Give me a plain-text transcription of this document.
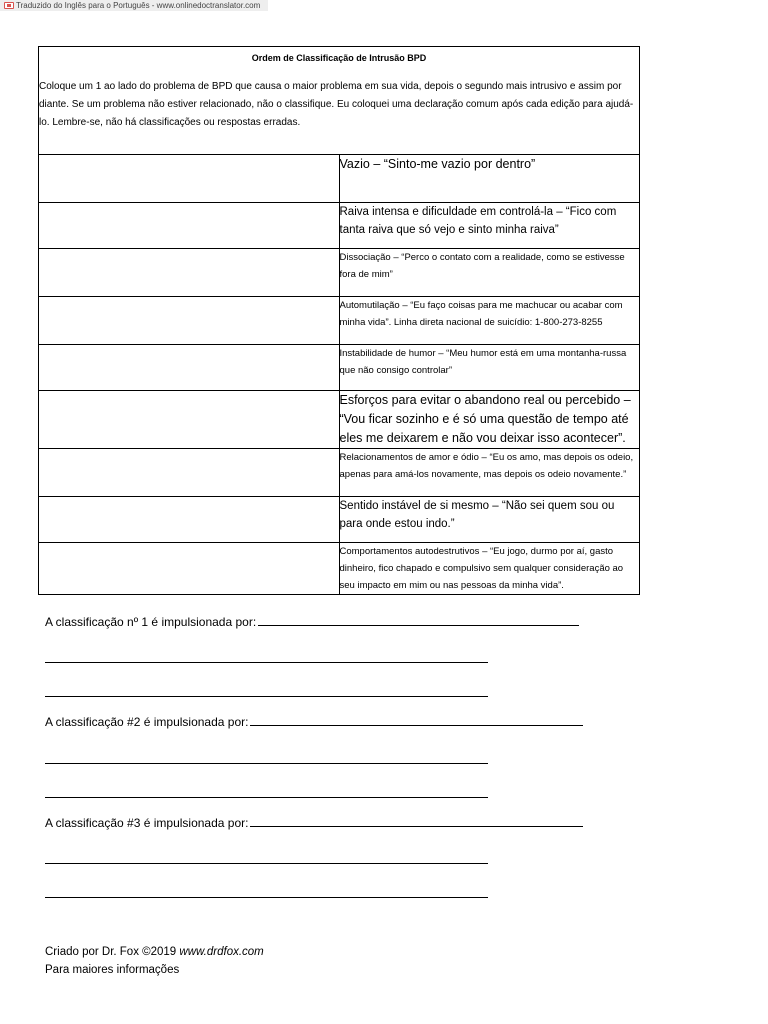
Traduzido do Inglês para o Português - www.onlinedoctranslator.com
Ordem de Classificação de Intrusão BPD
Coloque um 1 ao lado do problema de BPD que causa o maior problema em sua vida, depois o segundo mais intrusivo e assim por diante. Se um problema não estiver relacionado, não o classifique. Eu coloquei uma declaração comum após cada edição para ajudá-lo. Lembre-se, não há classificações ou respostas erradas.	

	Vazio – “Sinto-me vazio por dentro”
	Raiva intensa e dificuldade em controlá-la – “Fico com tanta raiva que só vejo e sinto minha raiva”
	Dissociação – “Perco o contato com a realidade, como se estivesse fora de mim”
	Automutilação – “Eu faço coisas para me machucar ou acabar com minha vida”. Linha direta nacional de suicídio: 1-800-273-8255
	Instabilidade de humor – “Meu humor está em uma montanha-russa que não consigo controlar”
	Esforços para evitar o abandono real ou percebido – “Vou ficar sozinho e é só uma questão de tempo até eles me deixarem e não vou deixar isso acontecer”.
	Relacionamentos de amor e ódio – “Eu os amo, mas depois os odeio, apenas para amá-los novamente, mas depois os odeio novamente.”
	Sentido instável de si mesmo – “Não sei quem sou ou para onde estou indo.”
	Comportamentos autodestrutivos – “Eu jogo, durmo por aí, gasto dinheiro, fico chapado e compulsivo sem qualquer consideração ao seu impacto em mim ou nas pessoas da minha vida”.
A classificação nº 1 é impulsionada por:
A classificação #2 é impulsionada por:
A classificação #3 é impulsionada por:
Criado por Dr. Fox ©2019 www.drdfox.com
Para maiores informações
